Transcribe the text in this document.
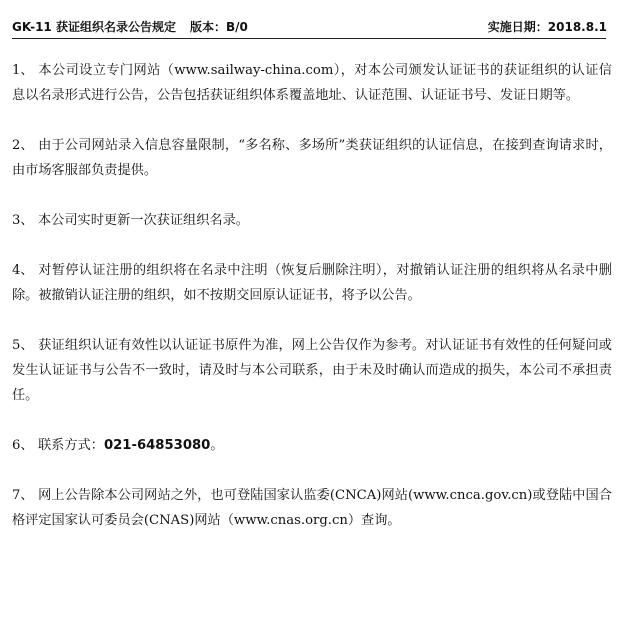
GK-11 获证组织名录公告规定 版本：B/0	实施日期：2018.8.1

1、 本公司设立专门网站（www.sailway-china.com），对本公司颁发认证证书的获证组织的认证信息以名录形式进行公告，公告包括获证组织体系覆盖地址、认证范围、认证证书号、发证日期等。

2、 由于公司网站录入信息容量限制，“多名称、多场所”类获证组织的认证信息，在接到查询请求时，由市场客服部负责提供。

3、 本公司实时更新一次获证组织名录。

4、 对暂停认证注册的组织将在名录中注明（恢复后删除注明），对撤销认证注册的组织将从名录中删除。被撤销认证注册的组织，如不按期交回原认证证书，将予以公告。

5、 获证组织认证有效性以认证证书原件为准，网上公告仅作为参考。对认证证书有效性的任何疑问或发生认证证书与公告不一致时，请及时与本公司联系，由于未及时确认而造成的损失，本公司不承担责任。

6、 联系方式：021-64853080。

7、 网上公告除本公司网站之外，也可登陆国家认监委(CNCA)网站(www.cnca.gov.cn)或登陆中国合格评定国家认可委员会(CNAS)网站（www.cnas.org.cn）查询。
